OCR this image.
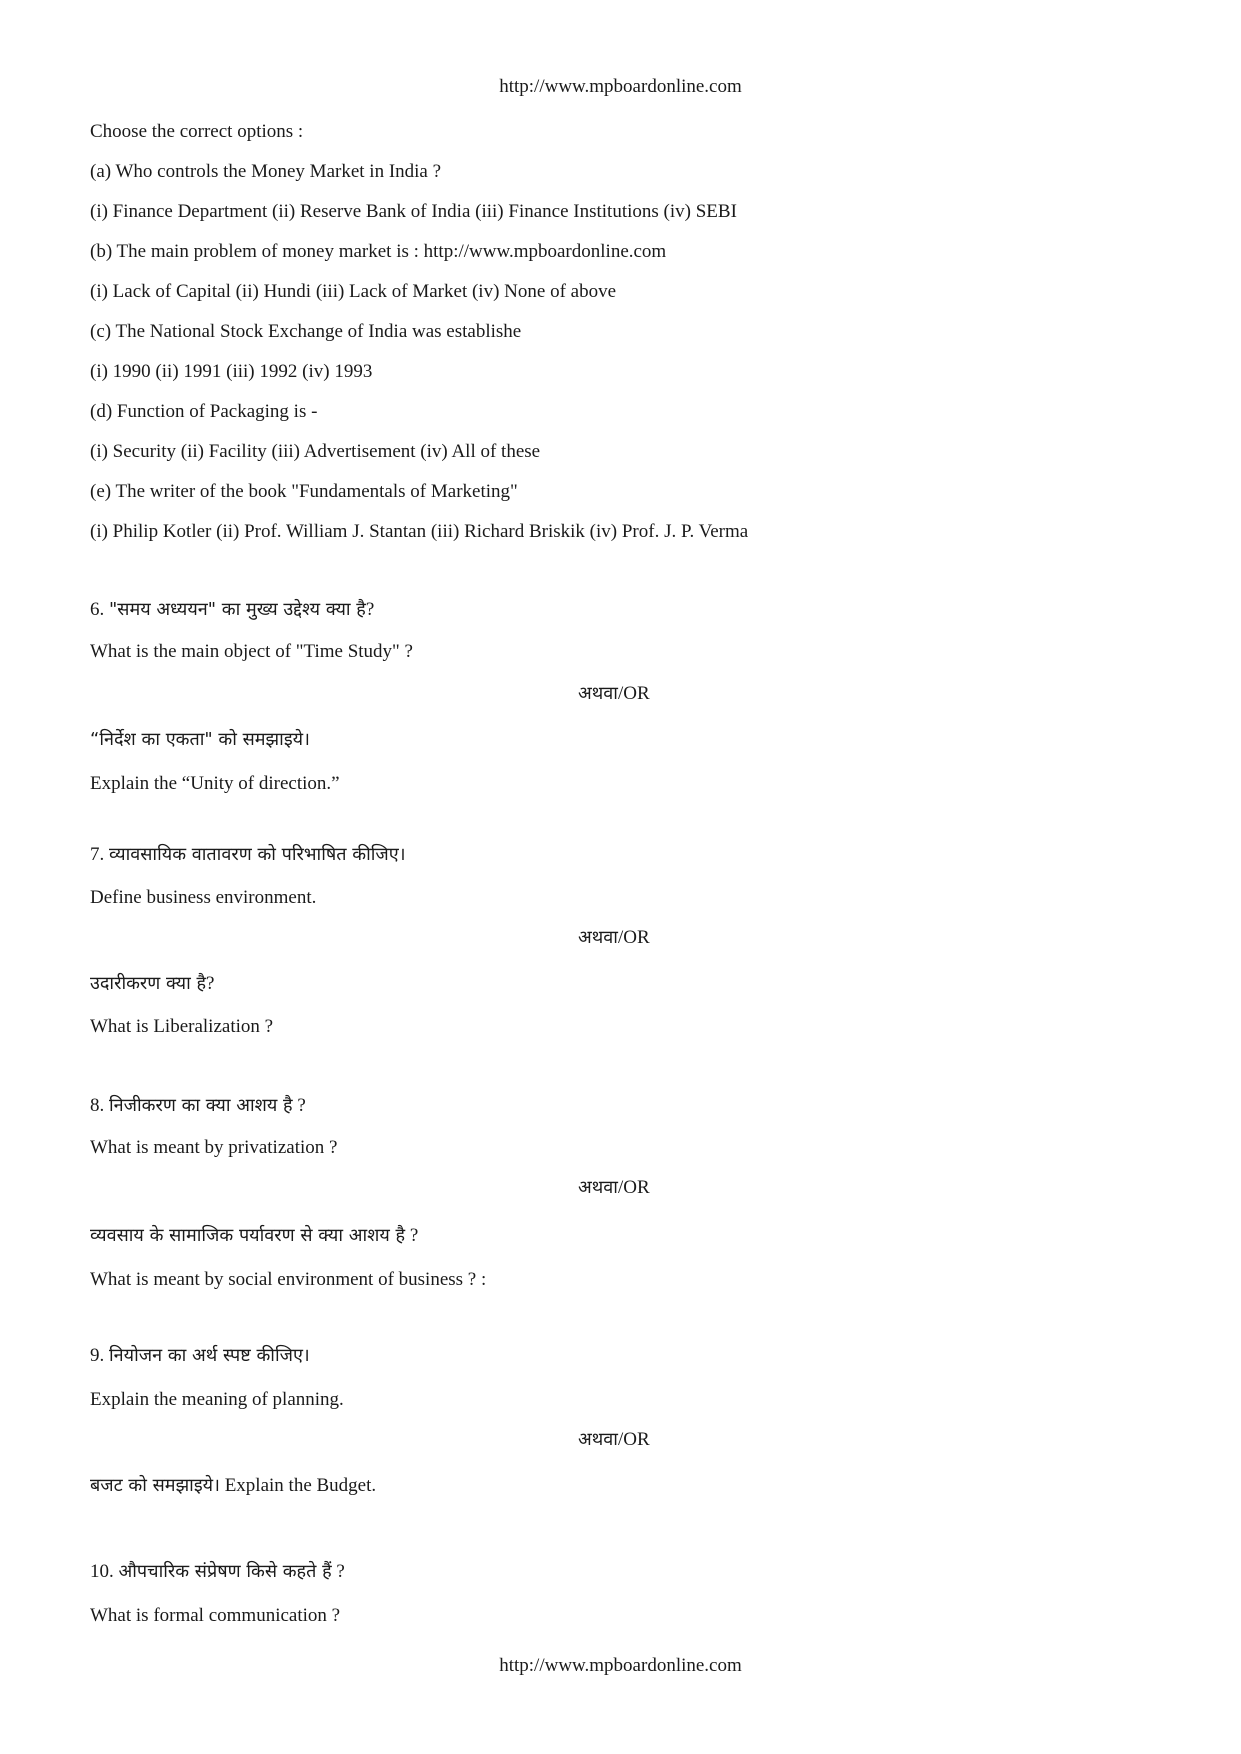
http://www.mpboardonline.com
Choose the correct options :
(a) Who controls the Money Market in India ?
(i) Finance Department (ii) Reserve Bank of India (iii) Finance Institutions (iv) SEBI
(b) The main problem of money market is : http://www.mpboardonline.com
(i) Lack of Capital (ii) Hundi (iii) Lack of Market (iv) None of above
(c) The National Stock Exchange of India was establishe
(i) 1990 (ii) 1991 (iii) 1992 (iv) 1993
(d) Function of Packaging is -
(i) Security (ii) Facility (iii) Advertisement (iv) All of these
(e) The writer of the book "Fundamentals of Marketing"
(i) Philip Kotler (ii) Prof. William J. Stantan (iii) Richard Briskik (iv) Prof. J. P. Verma
6. "समय अध्ययन" का मुख्य उद्देश्य क्या है?
What is the main object of "Time Study" ?
अथवा/OR
“निर्देश का एकता" को समझाइये।
Explain the “Unity of direction.”
7. व्यावसायिक वातावरण को परिभाषित कीजिए।
Define business environment.
अथवा/OR
उदारीकरण क्या है?
What is Liberalization ?
8. निजीकरण का क्या आशय है ?
What is meant by privatization ?
अथवा/OR
व्यवसाय के सामाजिक पर्यावरण से क्या आशय है ?
What is meant by social environment of business ? :
9. नियोजन का अर्थ स्पष्ट कीजिए।
Explain the meaning of planning.
अथवा/OR
बजट को समझाइये। Explain the Budget.
10. औपचारिक संप्रेषण किसे कहते हैं ?
What is formal communication ?
http://www.mpboardonline.com
